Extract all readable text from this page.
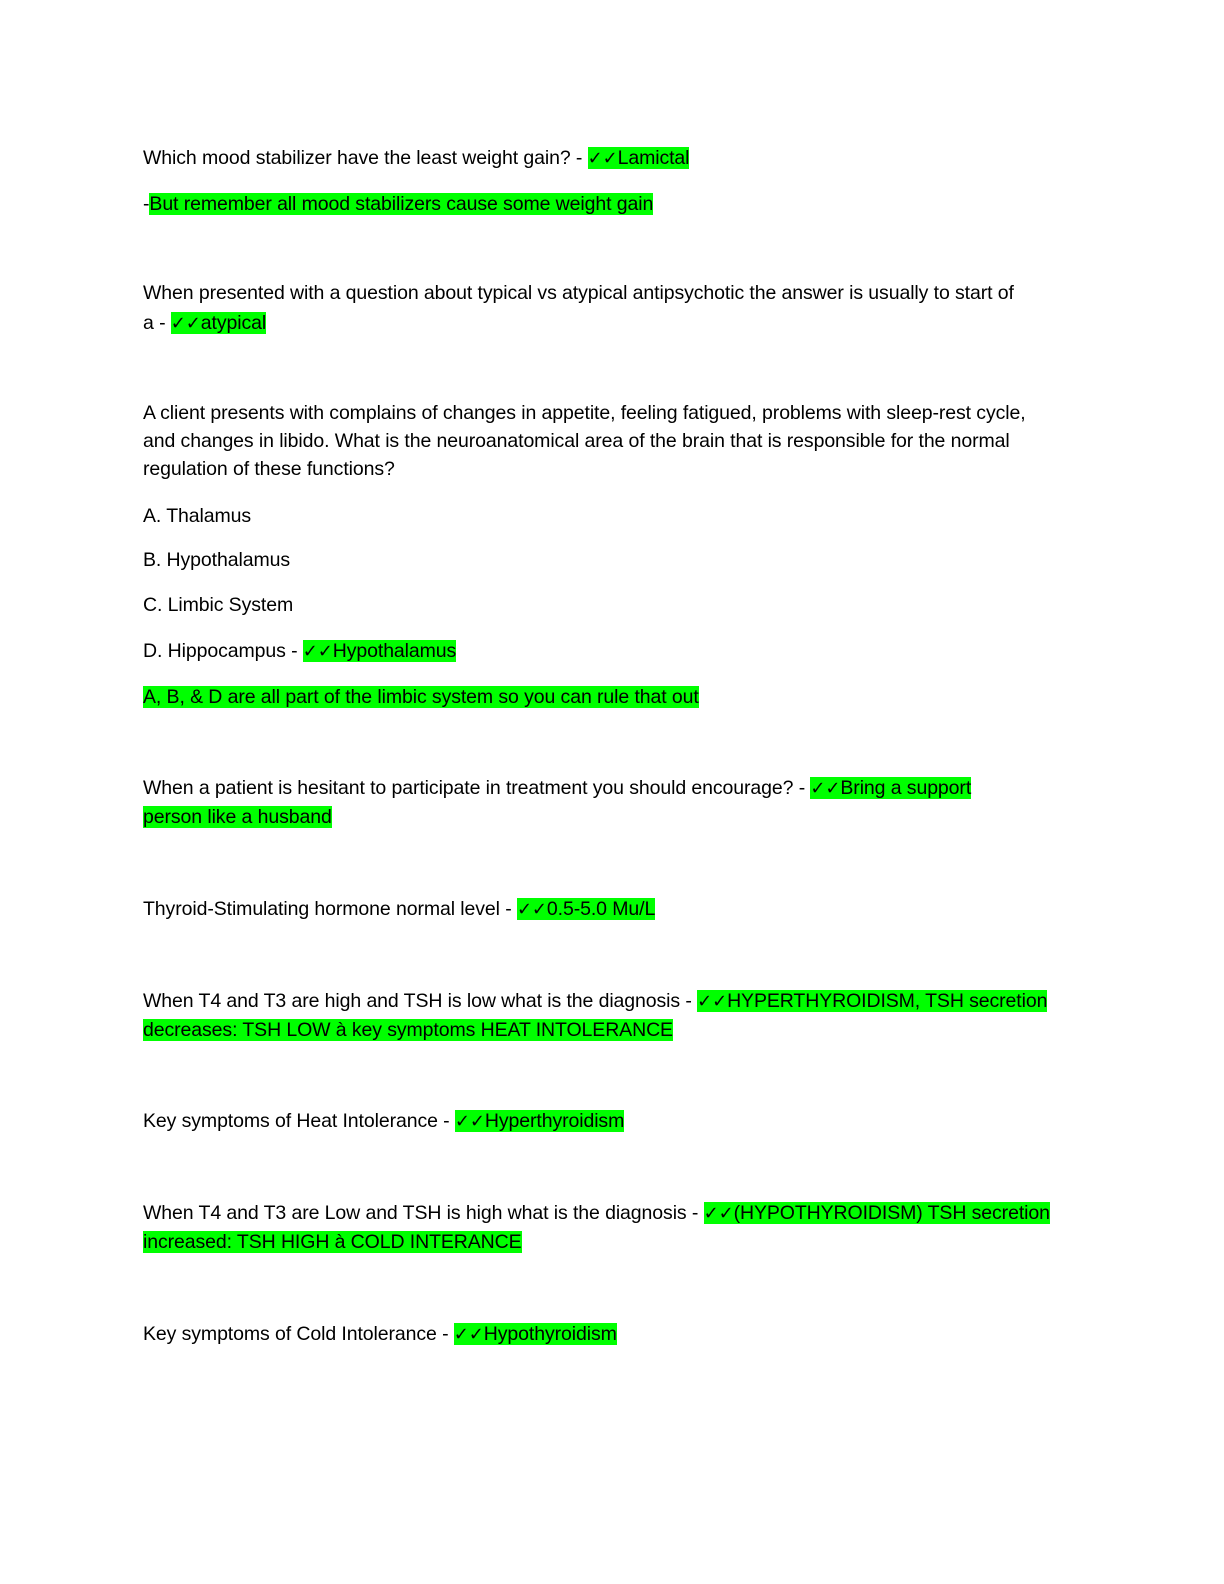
Which mood stabilizer have the least weight gain? - ✓✓Lamictal
-But remember all mood stabilizers cause some weight gain
When presented with a question about typical vs atypical antipsychotic the answer is usually to start of
a - ✓✓atypical
A client presents with complains of changes in appetite, feeling fatigued, problems with sleep-rest cycle,
and changes in libido. What is the neuroanatomical area of the brain that is responsible for the normal
regulation of these functions?
A. Thalamus
B. Hypothalamus
C. Limbic System
D. Hippocampus - ✓✓Hypothalamus
A, B, & D are all part of the limbic system so you can rule that out
When a patient is hesitant to participate in treatment you should encourage? - ✓✓Bring a support
person like a husband
Thyroid-Stimulating hormone normal level - ✓✓0.5-5.0 Mu/L
When T4 and T3 are high and TSH is low what is the diagnosis - ✓✓HYPERTHYROIDISM, TSH secretion
decreases: TSH LOW à key symptoms HEAT INTOLERANCE
Key symptoms of Heat Intolerance - ✓✓Hyperthyroidism
When T4 and T3 are Low and TSH is high what is the diagnosis - ✓✓(HYPOTHYROIDISM) TSH secretion
increased: TSH HIGH à COLD INTERANCE
Key symptoms of Cold Intolerance - ✓✓Hypothyroidism
